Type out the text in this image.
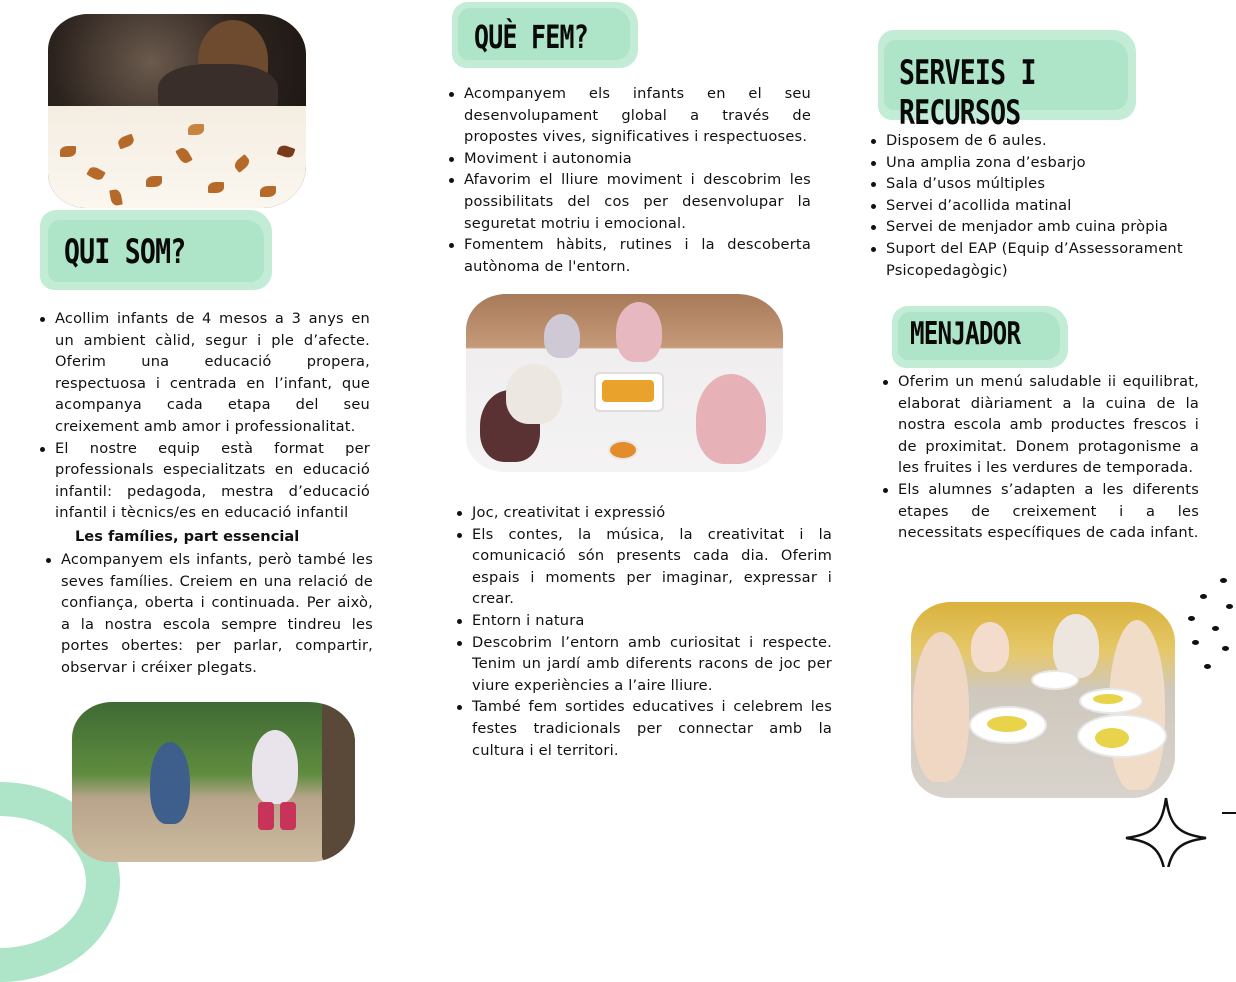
QUI SOM?
Acollim infants de 4 mesos a 3 anys en un ambient càlid, segur i ple d’afecte. Oferim una educació propera, respectuosa i centrada en l’infant, que acompanya cada etapa del seu creixement amb amor i professionalitat.
El nostre equip està format per professionals especialitzats en educació infantil: pedagoda, mestra d’educació infantil i tècnics/es en educació infantil
Les famílies, part essencial
Acompanyem els infants, però també les seves famílies. Creiem en una relació de confiança, oberta i continuada. Per això, a la nostra escola sempre tindreu les portes obertes: per parlar, compartir, observar i créixer plegats.
QUÈ FEM?
Acompanyem els infants en el seu desenvolupament global a través de propostes vives, significatives i respectuoses.
Moviment i autonomia
Afavorim el lliure moviment i descobrim les possibilitats del cos per desenvolupar la seguretat motriu i emocional.
Fomentem hàbits, rutines i la descoberta autònoma de l'entorn.
Joc, creativitat i expressió
Els contes, la música, la creativitat i la comunicació són presents cada dia. Oferim espais i moments per imaginar, expressar i crear.
Entorn i natura
Descobrim l’entorn amb curiositat i respecte. Tenim un jardí amb diferents racons de joc per viure experiències a l’aire lliure.
També fem sortides educatives i celebrem les festes tradicionals per connectar amb la cultura i el territori.
SERVEIS I RECURSOS
Disposem de 6 aules.
Una amplia zona d’esbarjo
Sala d’usos múltiples
Servei d’acollida matinal
Servei de menjador amb cuina pròpia
Suport del EAP (Equip d’Assessorament Psicopedagògic)
MENJADOR
Oferim un menú saludable ii equilibrat, elaborat diàriament a la cuina de la nostra escola amb productes frescos i de proximitat. Donem protagonisme a les fruites i les verdures de temporada.
Els alumnes s’adapten a les diferents etapes de creixement i a les necessitats específiques de cada infant.
